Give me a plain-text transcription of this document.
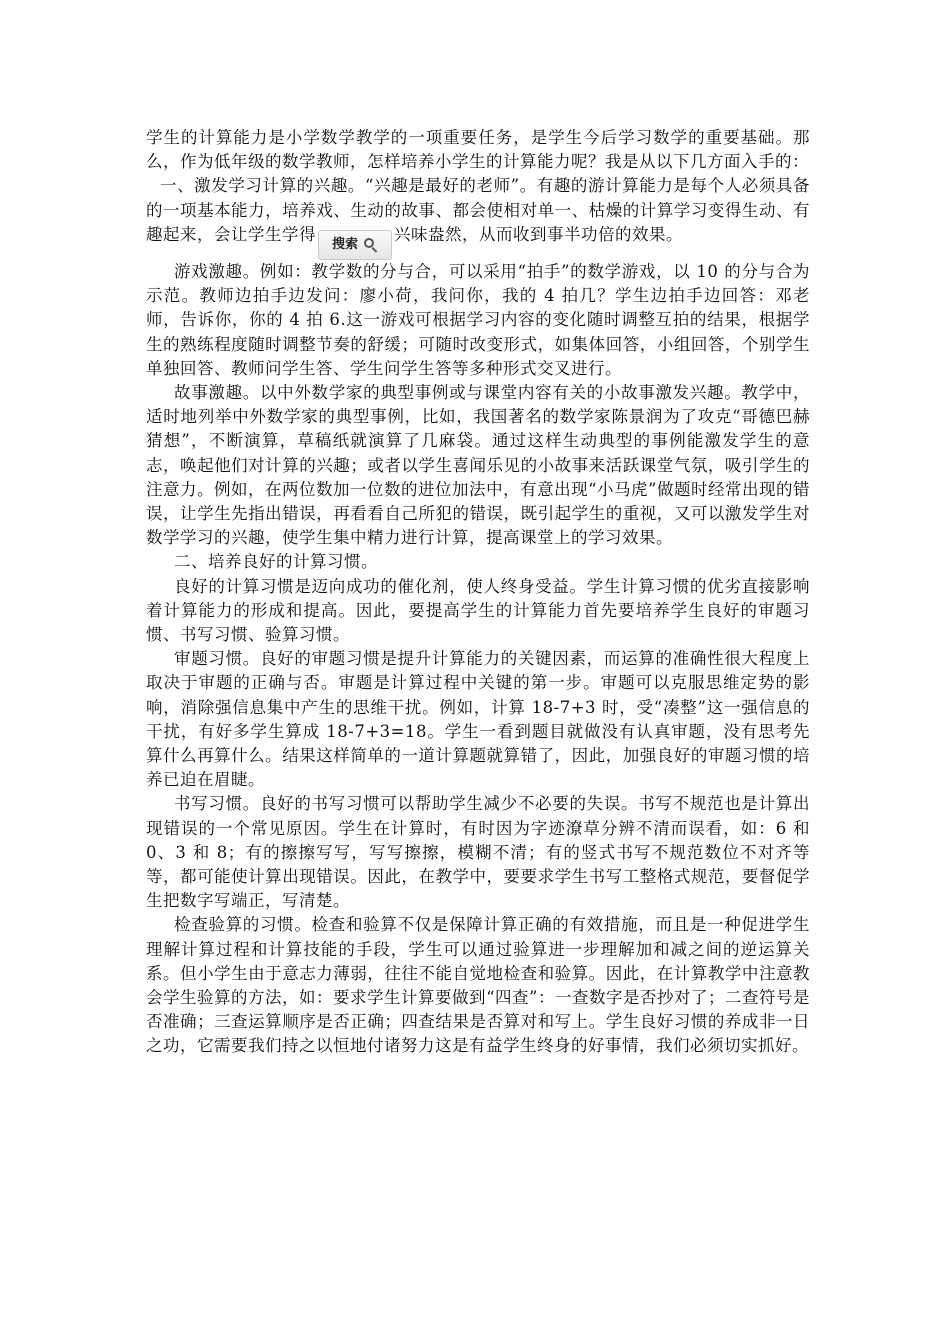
学生的计算能力是小学数学教学的一项重要任务，是学生今后学习数学的重要基础。那么，作为低年级的数学教师，怎样培养小学生的计算能力呢？我是从以下几方面入手的：

一、激发学习计算的兴趣。“兴趣是最好的老师”。有趣的游计算能力是每个人必须具备的一项基本能力，培养戏、生动的故事、都会使相对单一、枯燥的计算学习变得生动、有趣起来，会让学生学得
搜索
兴味盎然，从而收到事半功倍的效果。

游戏激趣。例如：教学数的分与合，可以采用“拍手”的数学游戏，以 10 的分与合为示范。教师边拍手边发问：廖小荷，我问你，我的 4 拍几？学生边拍手边回答：邓老师，告诉你，你的 4 拍 6.这一游戏可根据学习内容的变化随时调整互拍的结果，根据学生的熟练程度随时调整节奏的舒缓；可随时改变形式，如集体回答，小组回答，个别学生单独回答、教师问学生答、学生问学生答等多种形式交叉进行。

故事激趣。以中外数学家的典型事例或与课堂内容有关的小故事激发兴趣。教学中，适时地列举中外数学家的典型事例，比如，我国著名的数学家陈景润为了攻克“哥德巴赫猜想”，不断演算，草稿纸就演算了几麻袋。通过这样生动典型的事例能激发学生的意志，唤起他们对计算的兴趣；或者以学生喜闻乐见的小故事来活跃课堂气氛，吸引学生的注意力。例如，在两位数加一位数的进位加法中，有意出现“小马虎”做题时经常出现的错误，让学生先指出错误，再看看自己所犯的错误，既引起学生的重视，又可以激发学生对数学学习的兴趣，使学生集中精力进行计算，提高课堂上的学习效果。

二、培养良好的计算习惯。

良好的计算习惯是迈向成功的催化剂，使人终身受益。学生计算习惯的优劣直接影响着计算能力的形成和提高。因此，要提高学生的计算能力首先要培养学生良好的审题习惯、书写习惯、验算习惯。

审题习惯。良好的审题习惯是提升计算能力的关键因素，而运算的准确性很大程度上取决于审题的正确与否。审题是计算过程中关键的第一步。审题可以克服思维定势的影响，消除强信息集中产生的思维干扰。例如，计算 18-7+3 时，受“凑整”这一强信息的干扰，有好多学生算成 18-7+3=18。学生一看到题目就做没有认真审题，没有思考先算什么再算什么。结果这样简单的一道计算题就算错了，因此，加强良好的审题习惯的培养已迫在眉睫。

书写习惯。良好的书写习惯可以帮助学生减少不必要的失误。书写不规范也是计算出现错误的一个常见原因。学生在计算时，有时因为字迹潦草分辨不清而误看，如：6 和 0、3 和 8；有的擦擦写写，写写擦擦，模糊不清；有的竖式书写不规范数位不对齐等等，都可能使计算出现错误。因此，在教学中，要要求学生书写工整格式规范，要督促学生把数字写端正，写清楚。

检查验算的习惯。检查和验算不仅是保障计算正确的有效措施，而且是一种促进学生理解计算过程和计算技能的手段，学生可以通过验算进一步理解加和减之间的逆运算关系。但小学生由于意志力薄弱，往往不能自觉地检查和验算。因此，在计算教学中注意教会学生验算的方法，如：要求学生计算要做到“四查”：一查数字是否抄对了；二查符号是否准确；三查运算顺序是否正确；四查结果是否算对和写上。学生良好习惯的养成非一日之功，它需要我们持之以恒地付诸努力这是有益学生终身的好事情，我们必须切实抓好。
